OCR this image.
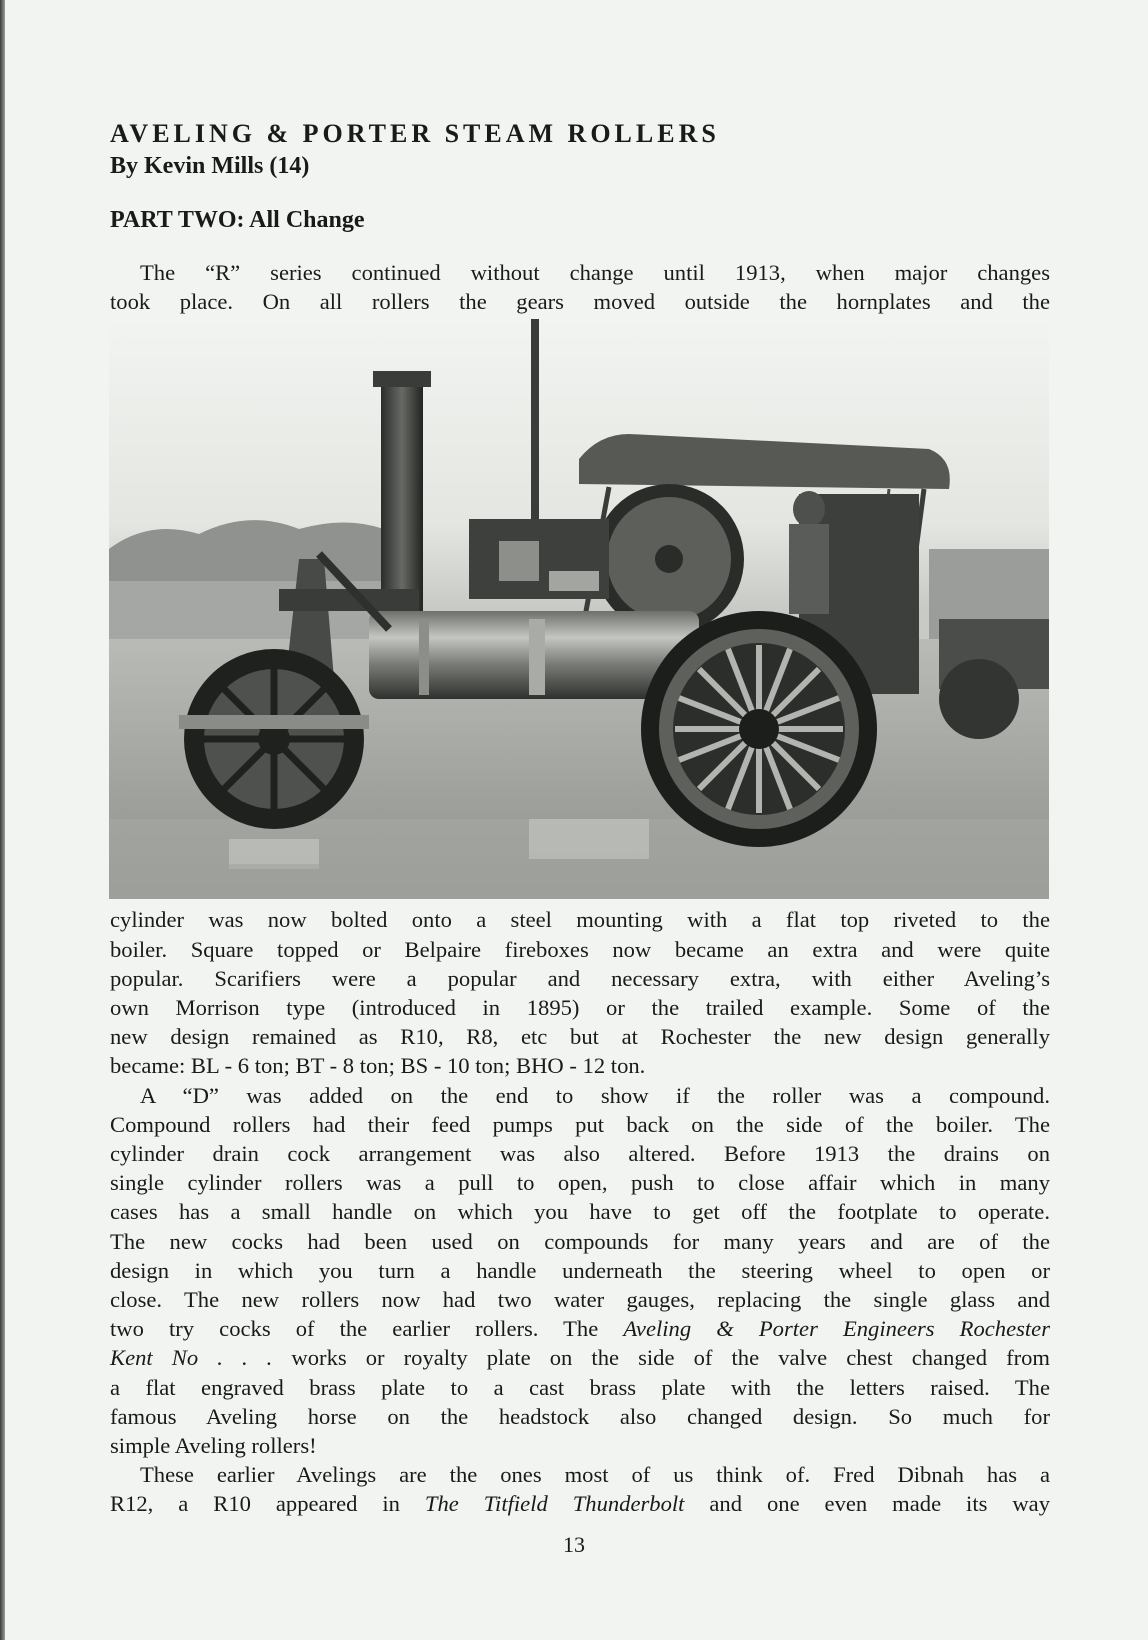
AVELING & PORTER STEAM ROLLERS
By Kevin Mills (14)
PART TWO: All Change

The “R” series continued without change until 1913, when major changes
took place. On all rollers the gears moved outside the hornplates and the

cylinder was now bolted onto a steel mounting with a flat top riveted to the
boiler. Square topped or Belpaire fireboxes now became an extra and were quite
popular. Scarifiers were a popular and necessary extra, with either Aveling’s
own Morrison type (introduced in 1895) or the trailed example. Some of the
new design remained as R10, R8, etc but at Rochester the new design generally
became: BL - 6 ton; BT - 8 ton; BS - 10 ton; BHO - 12 ton.

A “D” was added on the end to show if the roller was a compound.
Compound rollers had their feed pumps put back on the side of the boiler. The
cylinder drain cock arrangement was also altered. Before 1913 the drains on
single cylinder rollers was a pull to open, push to close affair which in many
cases has a small handle on which you have to get off the footplate to operate.
The new cocks had been used on compounds for many years and are of the
design in which you turn a handle underneath the steering wheel to open or
close. The new rollers now had two water gauges, replacing the single glass and
two try cocks of the earlier rollers. The Aveling & Porter Engineers Rochester
Kent No . . . works or royalty plate on the side of the valve chest changed from
a flat engraved brass plate to a cast brass plate with the letters raised. The
famous Aveling horse on the headstock also changed design. So much for
simple Aveling rollers!

These earlier Avelings are the ones most of us think of. Fred Dibnah has a
R12, a R10 appeared in The Titfield Thunderbolt and one even made its way

13
